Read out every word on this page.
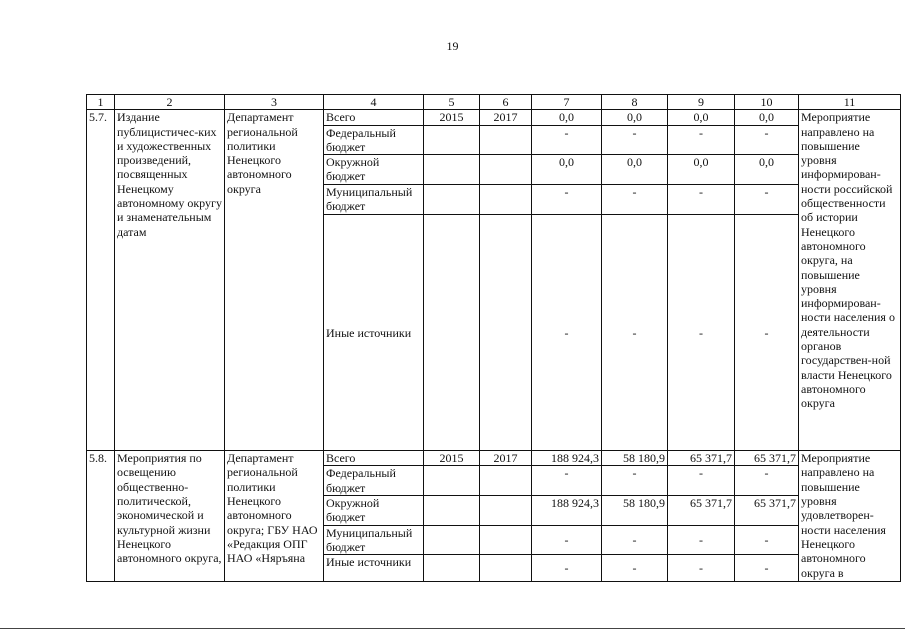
19
1	2	3	4	5	6	7	8	9	10	11
5.7.	Издание публицистичес-ких и художественных произведений, посвященных Ненецкому автономному округу и знаменательным датам	Департамент региональной политики Ненецкого автономного округа	Всего	2015	2017	0,0	0,0	0,0	0,0	Мероприятие направлено на повышение уровня информирован-ности российской общественности об истории Ненецкого автономного округа, на повышение уровня информирован-ности населения о деятельности органов государствен-ной власти Ненецкого автономного округа
			Федеральный бюджет			-	-	-	-	
			Окружной бюджет			0,0	0,0	0,0	0,0	
			Муниципальный бюджет			-	-	-	-	
			Иные источники			-	-	-	-	
5.8.	Мероприятия по освещению общественно-политической, экономической и культурной жизни Ненецкого автономного округа,	Департамент региональной политики Ненецкого автономного округа; ГБУ НАО «Редакция ОПГ НАО «Няръяна	Всего	2015	2017	188 924,3	58 180,9	65 371,7	65 371,7	Мероприятие направлено на повышение уровня удовлетворен-ности населения Ненецкого автономного округа в
			Федеральный бюджет			-	-	-	-	
			Окружной бюджет			188 924,3	58 180,9	65 371,7	65 371,7	
			Муниципальный бюджет			-	-	-	-	
			Иные источники			-	-	-	-	
